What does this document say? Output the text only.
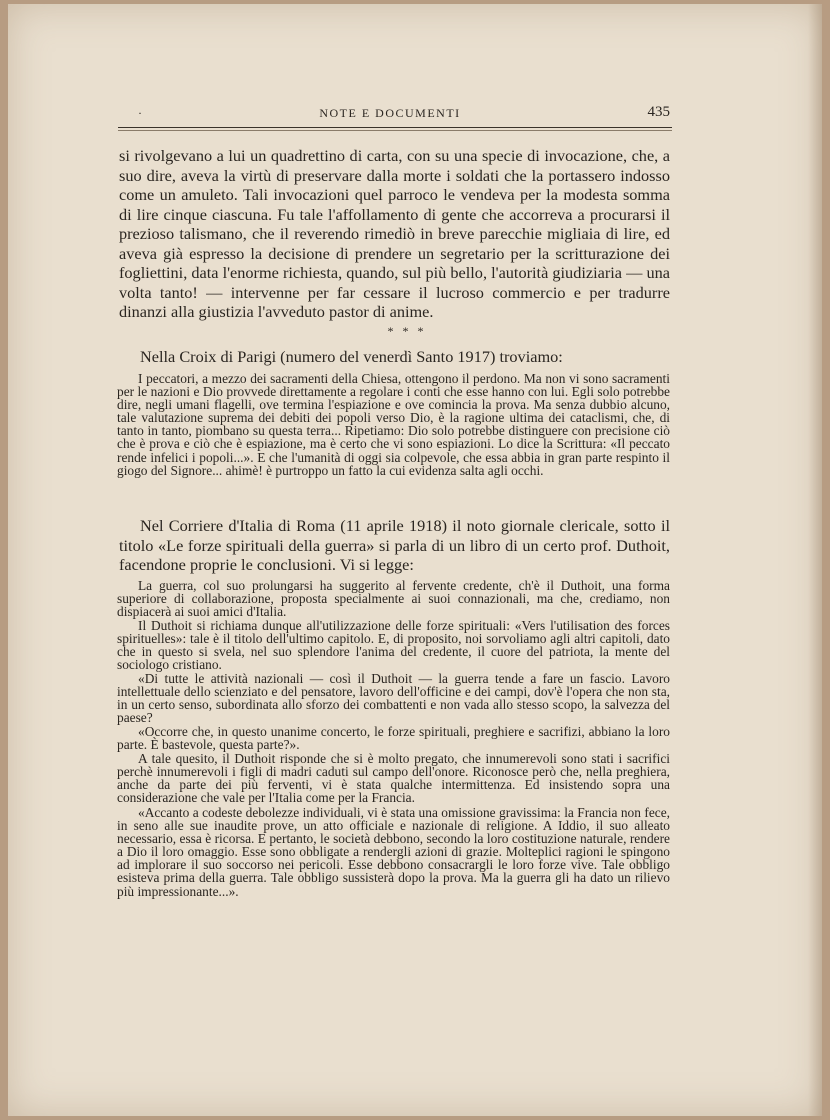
·	NOTE E DOCUMENTI	435

si rivolgevano a lui un quadrettino di carta, con su una specie di invocazione, che, a suo dire, aveva la virtù di preservare dalla morte i soldati che la portassero indosso come un amuleto. Tali invocazioni quel parroco le vendeva per la modesta somma di lire cinque ciascuna. Fu tale l'affollamento di gente che accorreva a procurarsi il prezioso talismano, che il reverendo rimediò in breve parecchie migliaia di lire, ed aveva già espresso la decisione di prendere un segretario per la scritturazione dei fogliettini, data l'enorme richiesta, quando, sul più bello, l'autorità giudiziaria — una volta tanto! — intervenne per far cessare il lucroso commercio e per tradurre dinanzi alla giustizia l'avveduto pastor di anime.

* * *

Nella Croix di Parigi (numero del venerdì Santo 1917) troviamo:

I peccatori, a mezzo dei sacramenti della Chiesa, ottengono il perdono. Ma non vi sono sacramenti per le nazioni e Dio provvede direttamente a regolare i conti che esse hanno con lui. Egli solo potrebbe dire, negli umani flagelli, ove termina l'espiazione e ove comincia la prova. Ma senza dubbio alcuno, tale valutazione suprema dei debiti dei popoli verso Dio, è la ragione ultima dei cataclismi, che, di tanto in tanto, piombano su questa terra... Ripetiamo: Dio solo potrebbe distinguere con precisione ciò che è prova e ciò che è espiazione, ma è certo che vi sono espiazioni. Lo dice la Scrittura: «Il peccato rende infelici i popoli...». E che l'umanità di oggi sia colpevole, che essa abbia in gran parte respinto il giogo del Signore... ahimè! è purtroppo un fatto la cui evidenza salta agli occhi.

Nel Corriere d'Italia di Roma (11 aprile 1918) il noto giornale clericale, sotto il titolo «Le forze spirituali della guerra» si parla di un libro di un certo prof. Duthoit, facendone proprie le conclusioni. Vi si legge:

La guerra, col suo prolungarsi ha suggerito al fervente credente, ch'è il Duthoit, una forma superiore di collaborazione, proposta specialmente ai suoi connazionali, ma che, crediamo, non dispiacerà ai suoi amici d'Italia.

Il Duthoit si richiama dunque all'utilizzazione delle forze spirituali: «Vers l'utilisation des forces spirituelles»: tale è il titolo dell'ultimo capitolo. E, di proposito, noi sorvoliamo agli altri capitoli, dato che in questo si svela, nel suo splendore l'anima del credente, il cuore del patriota, la mente del sociologo cristiano.

«Di tutte le attività nazionali — così il Duthoit — la guerra tende a fare un fascio. Lavoro intellettuale dello scienziato e del pensatore, lavoro dell'officine e dei campi, dov'è l'opera che non sta, in un certo senso, subordinata allo sforzo dei combattenti e non vada allo stesso scopo, la salvezza del paese?

«Occorre che, in questo unanime concerto, le forze spirituali, preghiere e sacrifizi, abbiano la loro parte. È bastevole, questa parte?».

A tale quesito, il Duthoit risponde che si è molto pregato, che innumerevoli sono stati i sacrifici perchè innumerevoli i figli di madri caduti sul campo dell'onore. Riconosce però che, nella preghiera, anche da parte dei più ferventi, vi è stata qualche intermittenza. Ed insistendo sopra una considerazione che vale per l'Italia come per la Francia.

«Accanto a codeste debolezze individuali, vi è stata una omissione gravissima: la Francia non fece, in seno alle sue inaudite prove, un atto officiale e nazionale di religione. A Iddio, il suo alleato necessario, essa è ricorsa. E pertanto, le società debbono, secondo la loro costituzione naturale, rendere a Dio il loro omaggio. Esse sono obbligate a rendergli azioni di grazie. Molteplici ragioni le spingono ad implorare il suo soccorso nei pericoli. Esse debbono consacrargli le loro forze vive. Tale obbligo esisteva prima della guerra. Tale obbligo sussisterà dopo la prova. Ma la guerra gli ha dato un rilievo più impressionante...».
